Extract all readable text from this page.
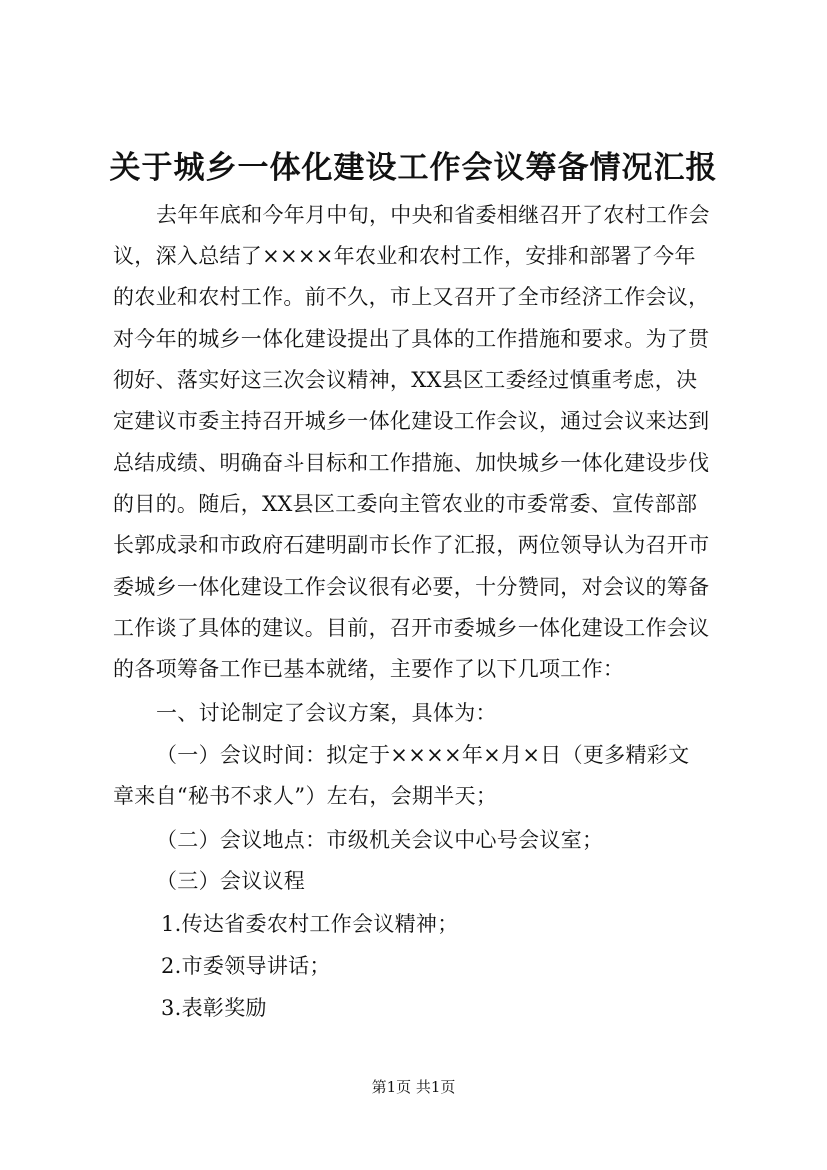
关于城乡一体化建设工作会议筹备情况汇报
去年年底和今年月中旬，中央和省委相继召开了农村工作会
议，深入总结了××××年农业和农村工作，安排和部署了今年
的农业和农村工作。前不久，市上又召开了全市经济工作会议，
对今年的城乡一体化建设提出了具体的工作措施和要求。为了贯
彻好、落实好这三次会议精神，XX县区工委经过慎重考虑，决
定建议市委主持召开城乡一体化建设工作会议，通过会议来达到
总结成绩、明确奋斗目标和工作措施、加快城乡一体化建设步伐
的目的。随后，XX县区工委向主管农业的市委常委、宣传部部
长郭成录和市政府石建明副市长作了汇报，两位领导认为召开市
委城乡一体化建设工作会议很有必要，十分赞同，对会议的筹备
工作谈了具体的建议。目前，召开市委城乡一体化建设工作会议
的各项筹备工作已基本就绪，主要作了以下几项工作：
一、讨论制定了会议方案，具体为：
（一）会议时间：拟定于××××年×月×日（更多精彩文
章来自“秘书不求人”）左右，会期半天；
（二）会议地点：市级机关会议中心号会议室；
（三）会议议程
1.传达省委农村工作会议精神；
2.市委领导讲话；
3.表彰奖励
第1页 共1页
